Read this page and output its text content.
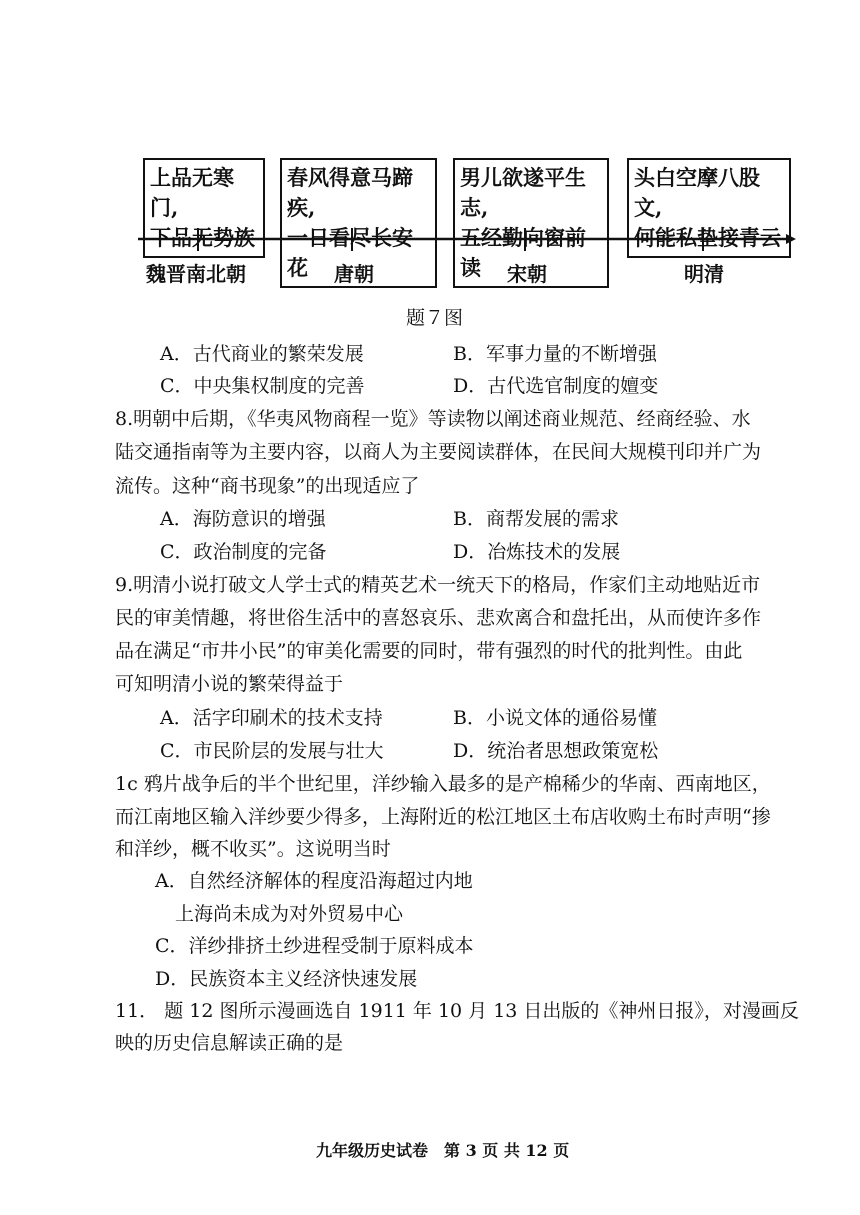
上品无寒门,
下品无势族
春风得意马蹄疾,
一日看尽长安花
男儿欲遂平生志,
五经勤向窗前读
头白空摩八股文,
何能私垫接青云
魏晋南北朝	唐朝	宋朝	明清
题７图
A．古代商业的繁荣发展	B．军事力量的不断增强
C．中央集权制度的完善	D．古代选官制度的嬗变
8.明朝中后期，《华夷风物商程一览》等读物以阐述商业规范、经商经验、水
陆交通指南等为主要内容，以商人为主要阅读群体，在民间大规模刊印并广为
流传。这种“商书现象”的出现适应了
A．海防意识的增强	B．商帮发展的需求
C．政治制度的完备	D．冶炼技术的发展
9.明清小说打破文人学士式的精英艺术一统天下的格局，作家们主动地贴近市
民的审美情趣，将世俗生活中的喜怒哀乐、悲欢离合和盘托出，从而使许多作
品在满足“市井小民”的审美化需要的同时，带有强烈的时代的批判性。由此
可知明清小说的繁荣得益于
A．活字印刷术的技术支持	B．小说文体的通俗易懂
C．市民阶层的发展与壮大	D．统治者思想政策宽松
1c 鸦片战争后的半个世纪里，洋纱输入最多的是产棉稀少的华南、西南地区，
而江南地区输入洋纱要少得多，上海附近的松江地区土布店收购土布时声明“掺
和洋纱，概不收买”。这说明当时
A．自然经济解体的程度沿海超过内地
上海尚未成为对外贸易中心
C．洋纱排挤土纱进程受制于原料成本
D．民族资本主义经济快速发展
11． 题 12 图所示漫画选自 1911 年 10 月 13 日出版的《神州日报》，对漫画反
映的历史信息解读正确的是
九年级历史试卷　第 3 页 共 12 页
